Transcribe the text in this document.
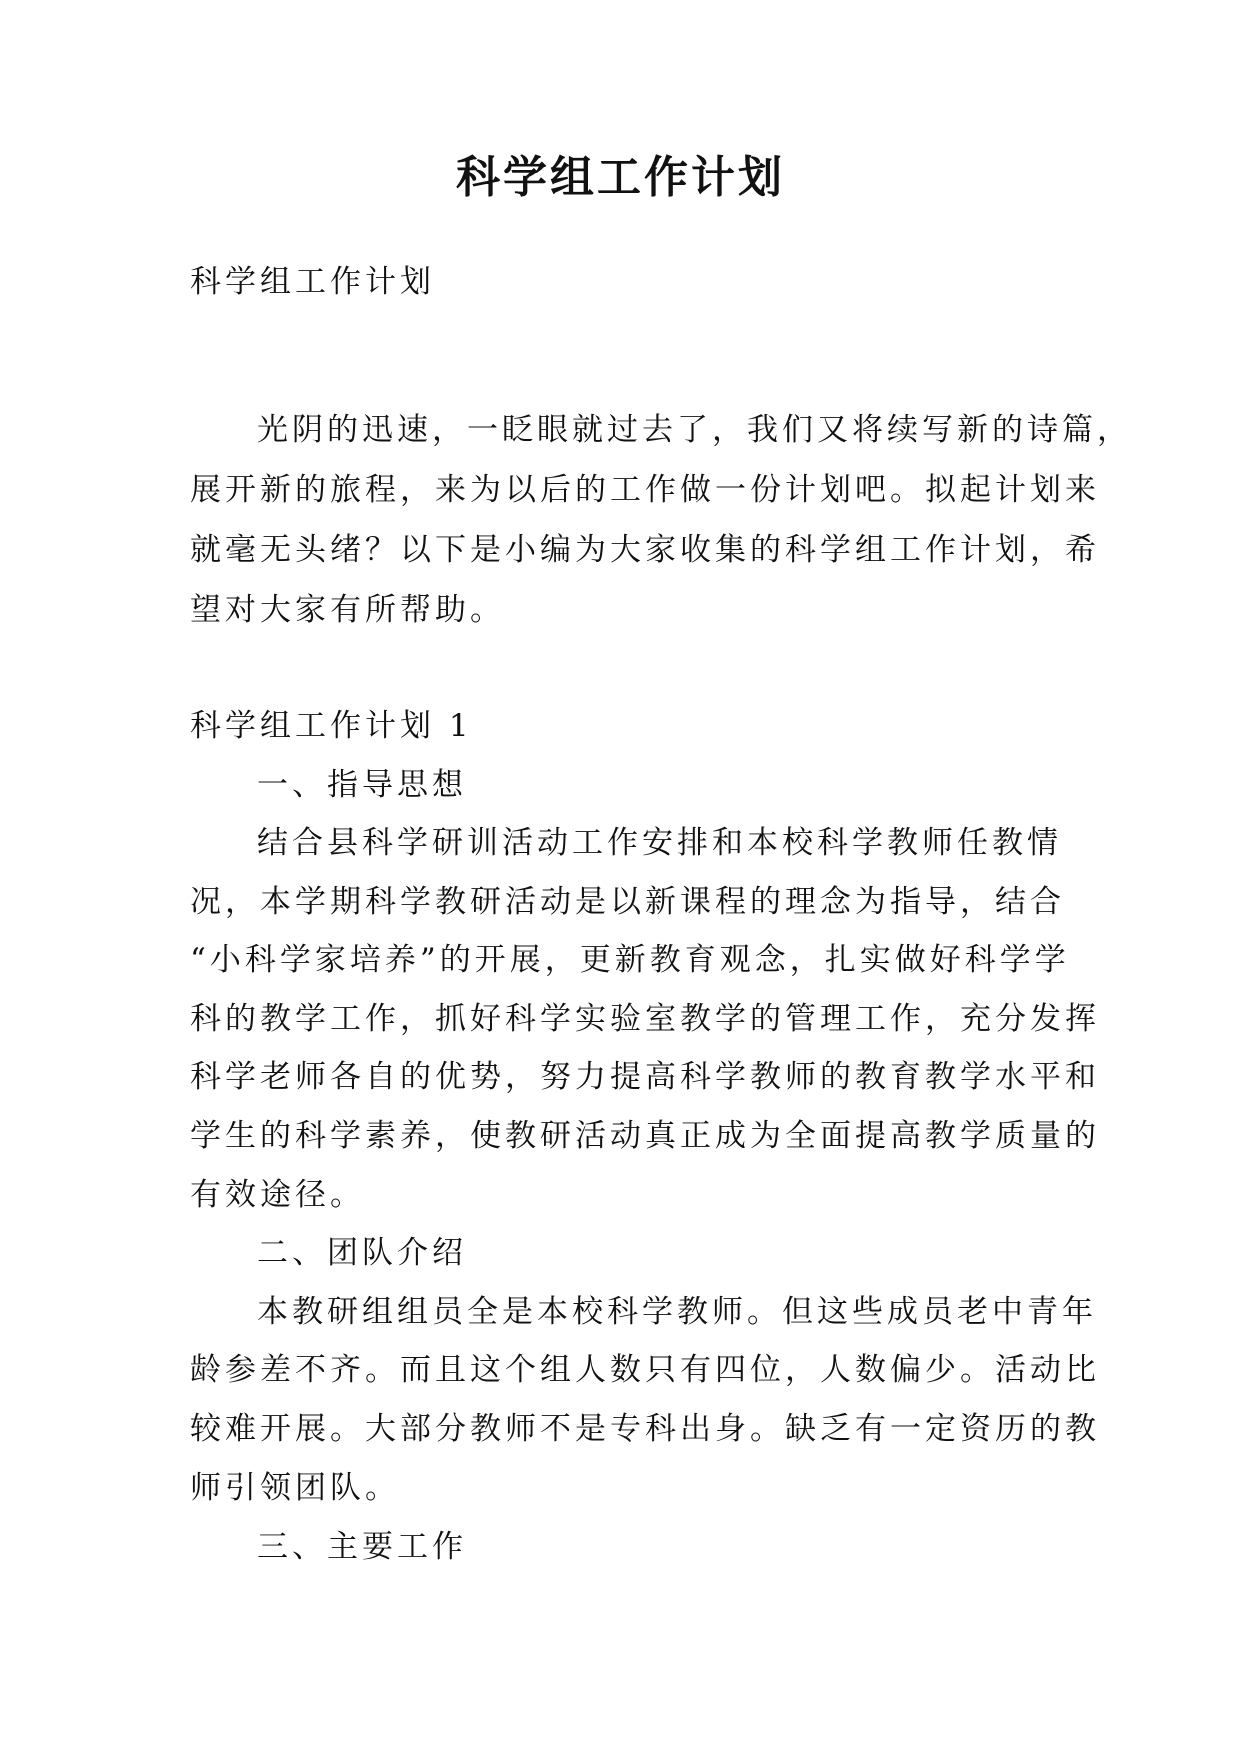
科学组工作计划

科学组工作计划

光阴的迅速，一眨眼就过去了，我们又将续写新的诗篇，

展开新的旅程，来为以后的工作做一份计划吧。拟起计划来

就毫无头绪？以下是小编为大家收集的科学组工作计划，希

望对大家有所帮助。

科学组工作计划 1

一、指导思想

结合县科学研训活动工作安排和本校科学教师任教情

况，本学期科学教研活动是以新课程的理念为指导，结合

“小科学家培养”的开展，更新教育观念，扎实做好科学学

科的教学工作，抓好科学实验室教学的管理工作，充分发挥

科学老师各自的优势，努力提高科学教师的教育教学水平和

学生的科学素养，使教研活动真正成为全面提高教学质量的

有效途径。

二、团队介绍

本教研组组员全是本校科学教师。但这些成员老中青年

龄参差不齐。而且这个组人数只有四位，人数偏少。活动比

较难开展。大部分教师不是专科出身。缺乏有一定资历的教

师引领团队。

三、主要工作
